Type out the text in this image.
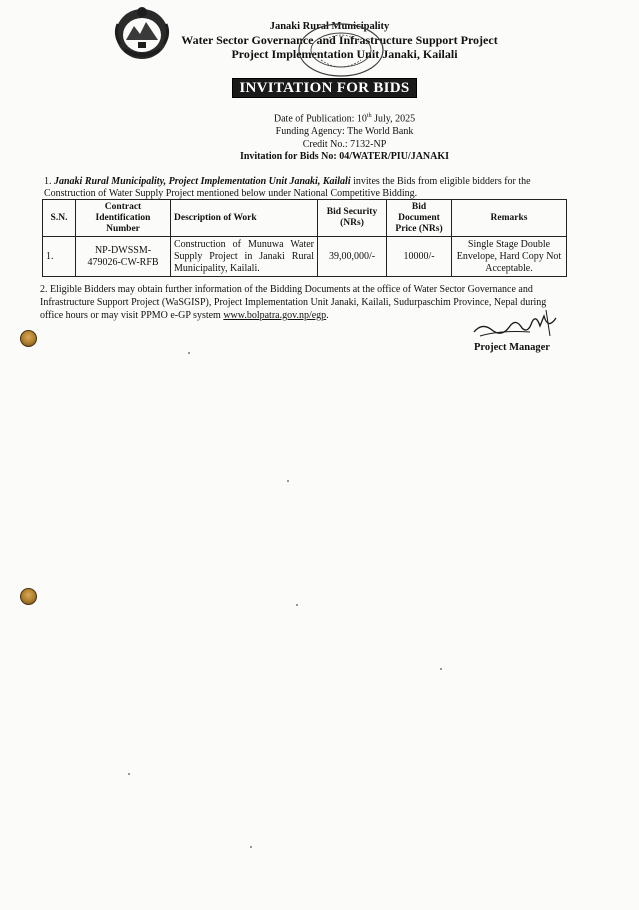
Janaki Rural Municipality
Water Sector Governance and Infrastructure Support Project
Project Implementation Unit Janaki, Kailali
INVITATION FOR BIDS
Date of Publication: 10th July, 2025
Funding Agency: The World Bank
Credit No.: 7132-NP
Invitation for Bids No: 04/WATER/PIU/JANAKI
1. Janaki Rural Municipality, Project Implementation Unit Janaki, Kailali invites the Bids from eligible bidders for the Construction of Water Supply Project mentioned below under National Competitive Bidding.
S.N.	Contract Identification Number	Description of Work	Bid Security (NRs)	Bid Document Price (NRs)	Remarks
1.	NP-DWSSM-479026-CW-RFB	Construction of Munuwa Water Supply Project in Janaki Rural Municipality, Kailali.	39,00,000/-	10000/-	Single Stage Double Envelope, Hard Copy Not Acceptable.
2. Eligible Bidders may obtain further information of the Bidding Documents at the office of Water Sector Governance and Infrastructure Support Project (WaSGISP), Project Implementation Unit Janaki, Kailali, Sudurpaschim Province, Nepal during office hours or may visit PPMO e-GP system www.bolpatra.gov.np/egp.
Project Manager
